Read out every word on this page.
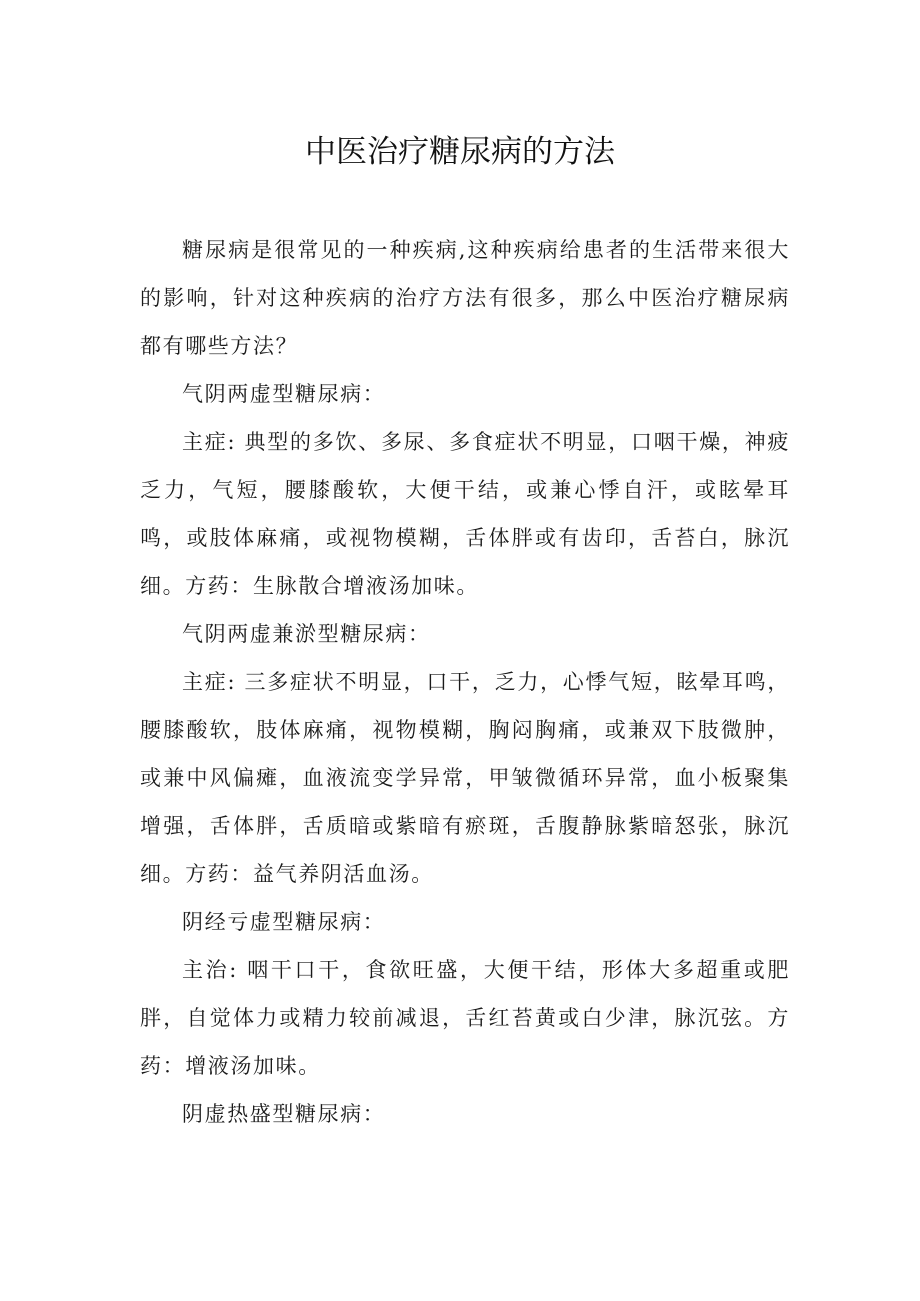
中医治疗糖尿病的方法

糖尿病是很常见的一种疾病,这种疾病给患者的生活带来很大的影响，针对这种疾病的治疗方法有很多，那么中医治疗糖尿病都有哪些方法？

气阴两虚型糖尿病：

主症: 典型的多饮、多尿、多食症状不明显，口咽干燥，神疲乏力，气短，腰膝酸软，大便干结，或兼心悸自汗，或眩晕耳鸣，或肢体麻痛，或视物模糊，舌体胖或有齿印，舌苔白，脉沉细。方药：生脉散合增液汤加味。

气阴两虚兼淤型糖尿病：

主症: 三多症状不明显，口干，乏力，心悸气短，眩晕耳鸣，腰膝酸软，肢体麻痛，视物模糊，胸闷胸痛，或兼双下肢微肿，或兼中风偏瘫，血液流变学异常，甲皱微循环异常，血小板聚集增强，舌体胖，舌质暗或紫暗有瘀斑，舌腹静脉紫暗怒张，脉沉细。方药：益气养阴活血汤。

阴经亏虚型糖尿病：

主治: 咽干口干，食欲旺盛，大便干结，形体大多超重或肥胖，自觉体力或精力较前减退，舌红苔黄或白少津，脉沉弦。方药：增液汤加味。

阴虚热盛型糖尿病：
